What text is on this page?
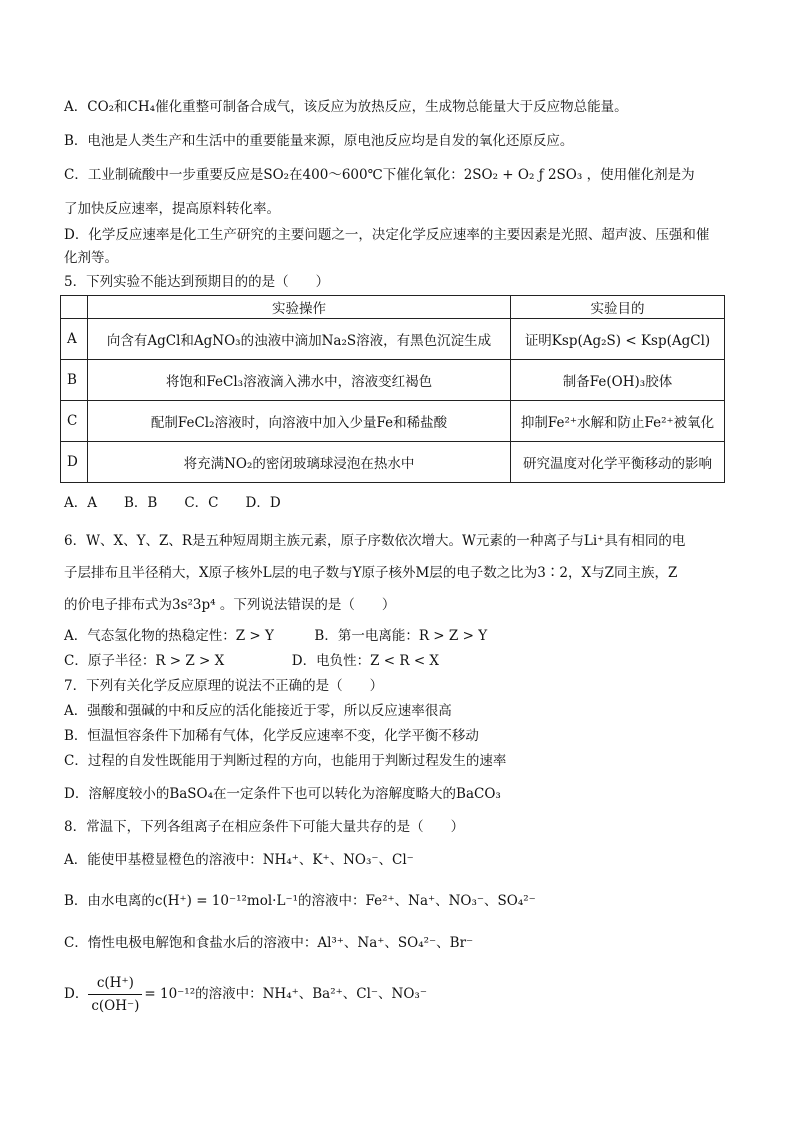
A．CO₂和CH₄催化重整可制备合成气，该反应为放热反应，生成物总能量大于反应物总能量。
B．电池是人类生产和生活中的重要能量来源，原电池反应均是自发的氧化还原反应。
C．工业制硫酸中一步重要反应是SO₂在400～600℃下催化氧化：2SO₂ + O₂ ƒ 2SO₃ ，使用催化剂是为
了加快反应速率，提高原料转化率。
D．化学反应速率是化工生产研究的主要问题之一，决定化学反应速率的主要因素是光照、超声波、压强和催
化剂等。
5．下列实验不能达到预期目的的是（　　）
	实验操作	实验目的
A	向含有AgCl和AgNO₃的浊液中滴加Na₂S溶液，有黑色沉淀生成	证明Ksp(Ag₂S) < Ksp(AgCl)
B	将饱和FeCl₃溶液滴入沸水中，溶液变红褐色	制备Fe(OH)₃胶体
C	配制FeCl₂溶液时，向溶液中加入少量Fe和稀盐酸	抑制Fe²⁺水解和防止Fe²⁺被氧化
D	将充满NO₂的密闭玻璃球浸泡在热水中	研究温度对化学平衡移动的影响
A．A　　B．B　　C．C　　D．D
6．W、X、Y、Z、R是五种短周期主族元素，原子序数依次增大。W元素的一种离子与Li⁺具有相同的电
子层排布且半径稍大，X原子核外L层的电子数与Y原子核外M层的电子数之比为3∶2，X与Z同主族，Z
的价电子排布式为3s²3p⁴ 。下列说法错误的是（　　）
A．气态氢化物的热稳定性：Z > Y　　　B．第一电离能：R > Z > Y
C．原子半径：R > Z > X　　　　　D．电负性：Z < R < X
7．下列有关化学反应原理的说法不正确的是（　　）
A．强酸和强碱的中和反应的活化能接近于零，所以反应速率很高
B．恒温恒容条件下加稀有气体，化学反应速率不变，化学平衡不移动
C．过程的自发性既能用于判断过程的方向，也能用于判断过程发生的速率
D．溶解度较小的BaSO₄在一定条件下也可以转化为溶解度略大的BaCO₃
8．常温下，下列各组离子在相应条件下可能大量共存的是（　　）
A．能使甲基橙显橙色的溶液中：NH₄⁺、K⁺、NO₃⁻、Cl⁻
B．由水电离的c(H⁺) = 10⁻¹²mol·L⁻¹的溶液中：Fe²⁺、Na⁺、NO₃⁻、SO₄²⁻
C．惰性电极电解饱和食盐水后的溶液中：Al³⁺、Na⁺、SO₄²⁻、Br⁻
D． $\frac{c(H^+)}{c(OH^-)} = 10^{-12}$的溶液中：NH₄⁺、Ba²⁺、Cl⁻、NO₃⁻
